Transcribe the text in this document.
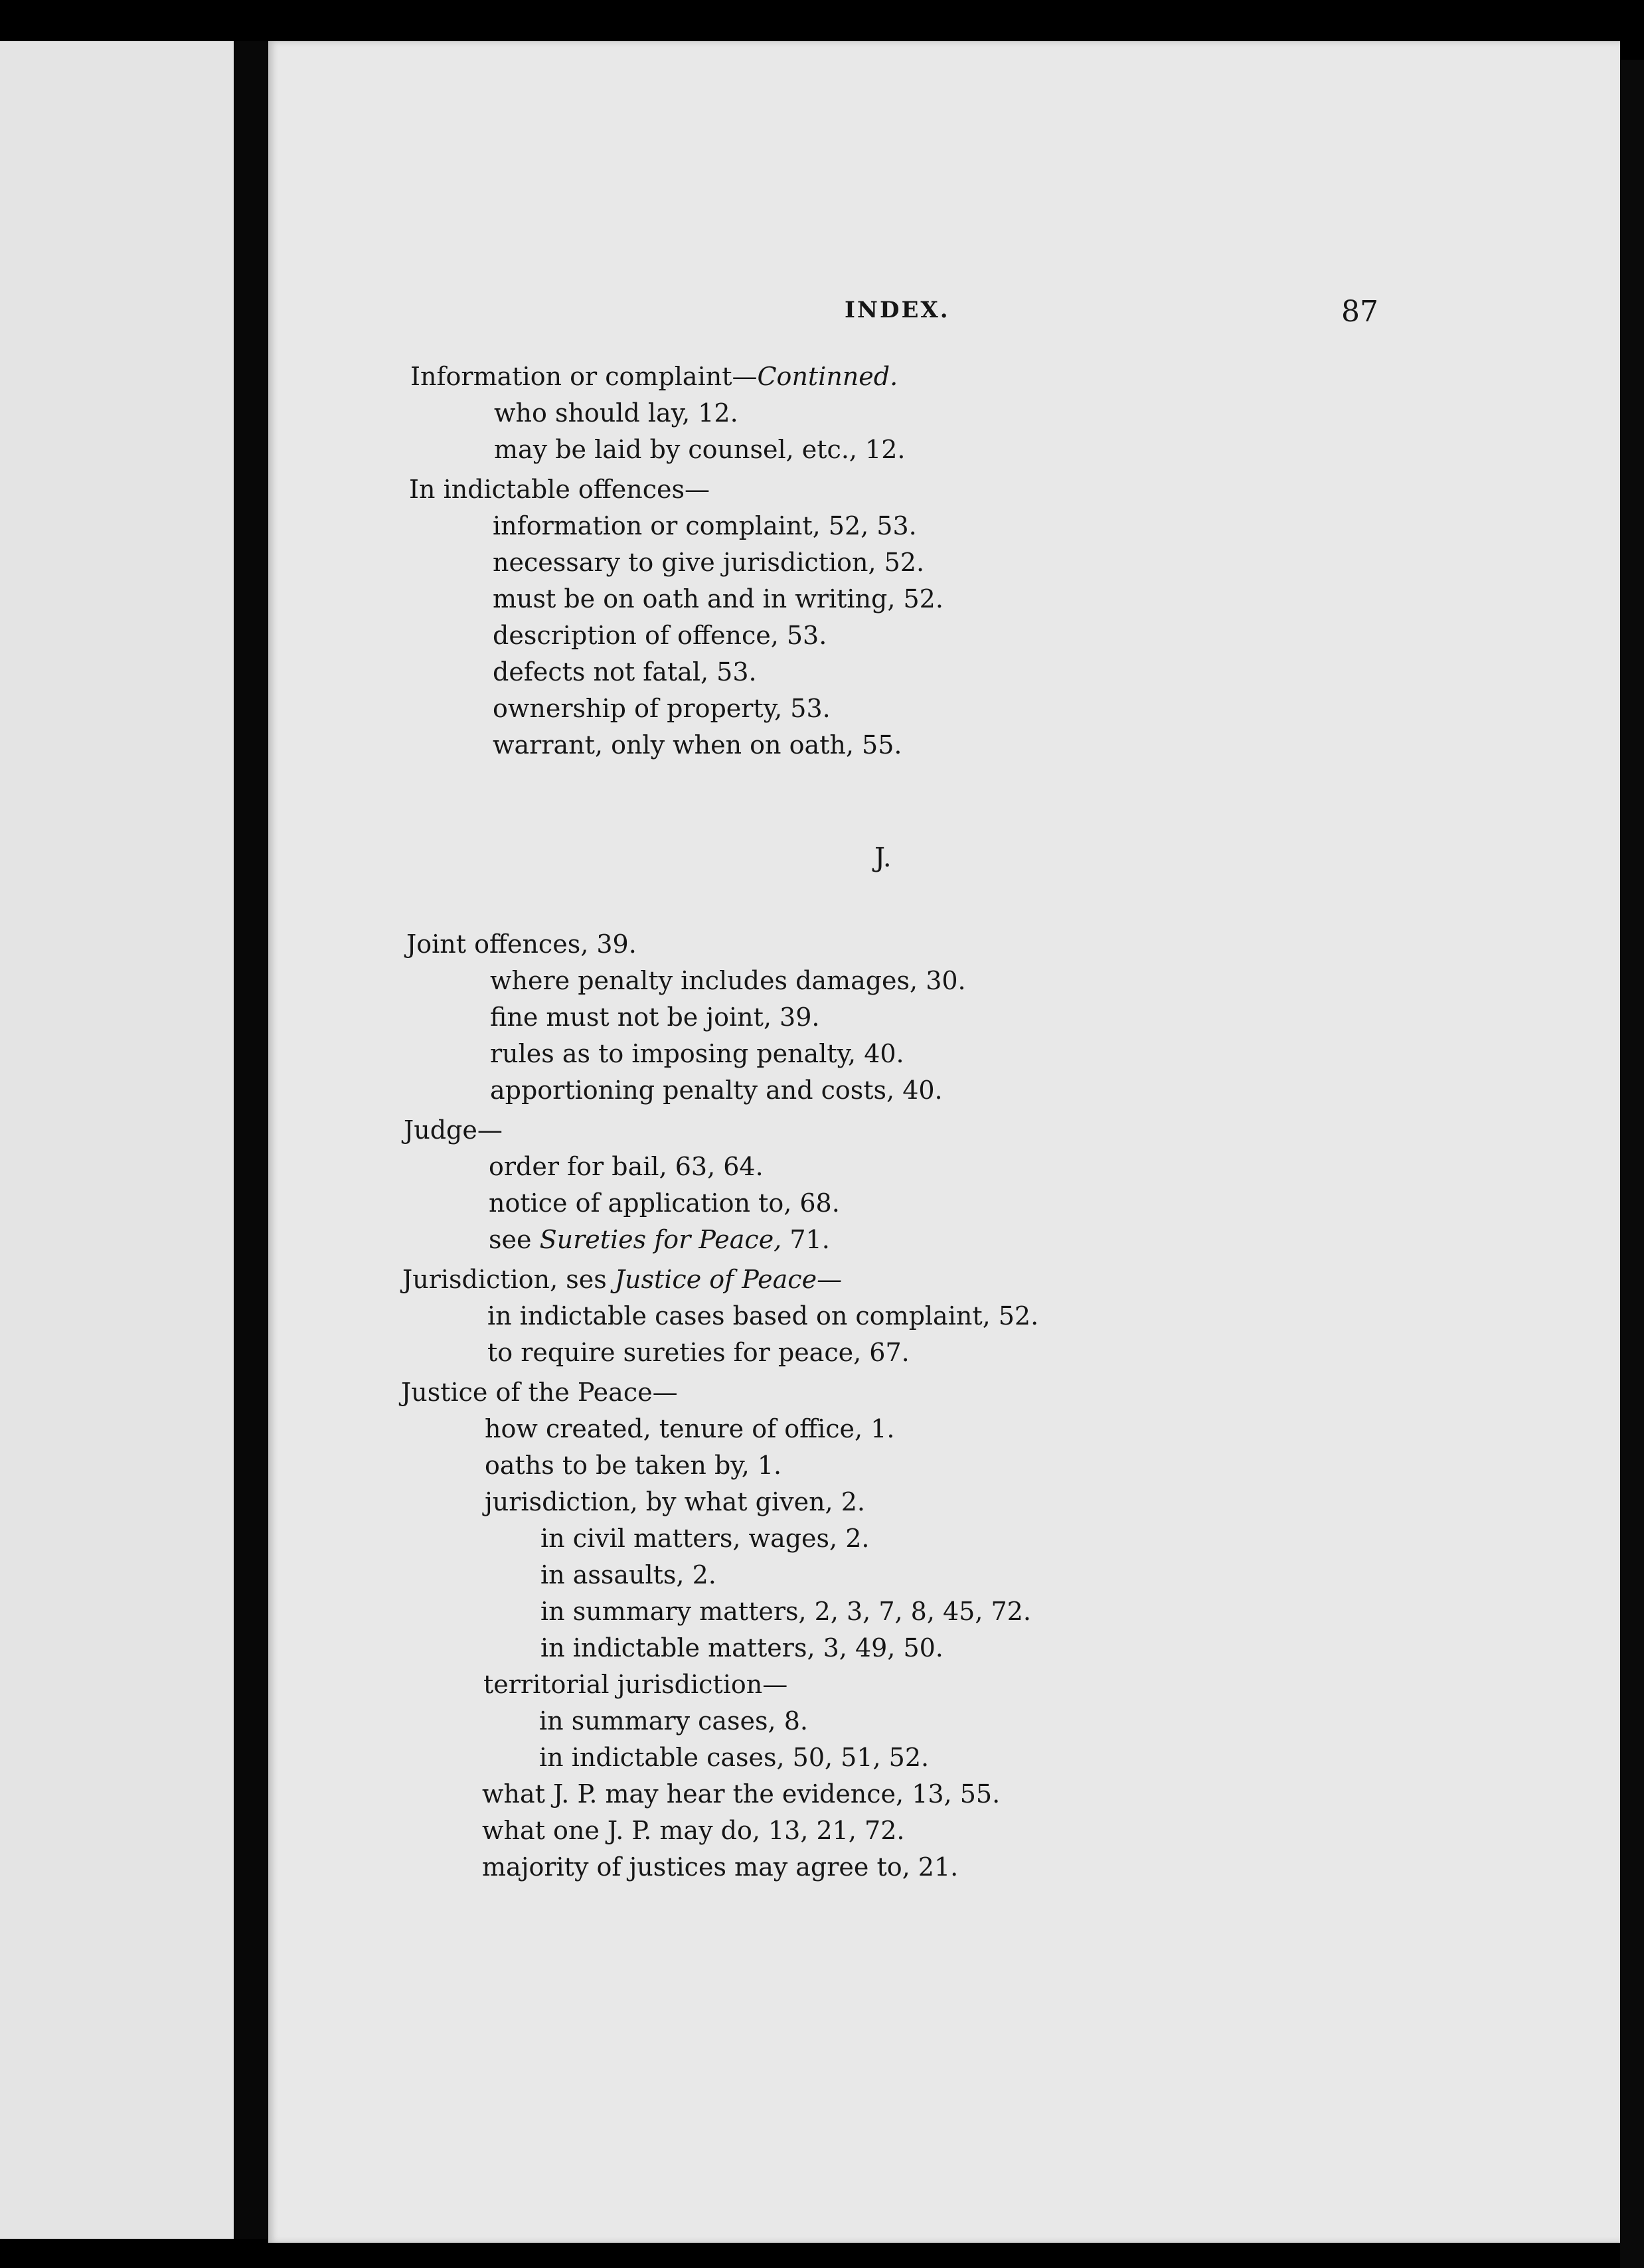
INDEX.	87
J.
Information or complaint—Continned.
who should lay, 12.
may be laid by counsel, etc., 12.
In indictable offences—
information or complaint, 52, 53.
necessary to give jurisdiction, 52.
must be on oath and in writing, 52.
description of offence, 53.
defects not fatal, 53.
ownership of property, 53.
warrant, only when on oath, 55.
Joint offences, 39.
where penalty includes damages, 30.
fine must not be joint, 39.
rules as to imposing penalty, 40.
apportioning penalty and costs, 40.
Judge—
order for bail, 63, 64.
notice of application to, 68.
see Sureties for Peace, 71.
Jurisdiction, ses Justice of Peace—
in indictable cases based on complaint, 52.
to require sureties for peace, 67.
Justice of the Peace—
how created, tenure of office, 1.
oaths to be taken by, 1.
jurisdiction, by what given, 2.
in civil matters, wages, 2.
in assaults, 2.
in summary matters, 2, 3, 7, 8, 45, 72.
in indictable matters, 3, 49, 50.
territorial jurisdiction—
in summary cases, 8.
in indictable cases, 50, 51, 52.
what J. P. may hear the evidence, 13, 55.
what one J. P. may do, 13, 21, 72.
majority of justices may agree to, 21.
